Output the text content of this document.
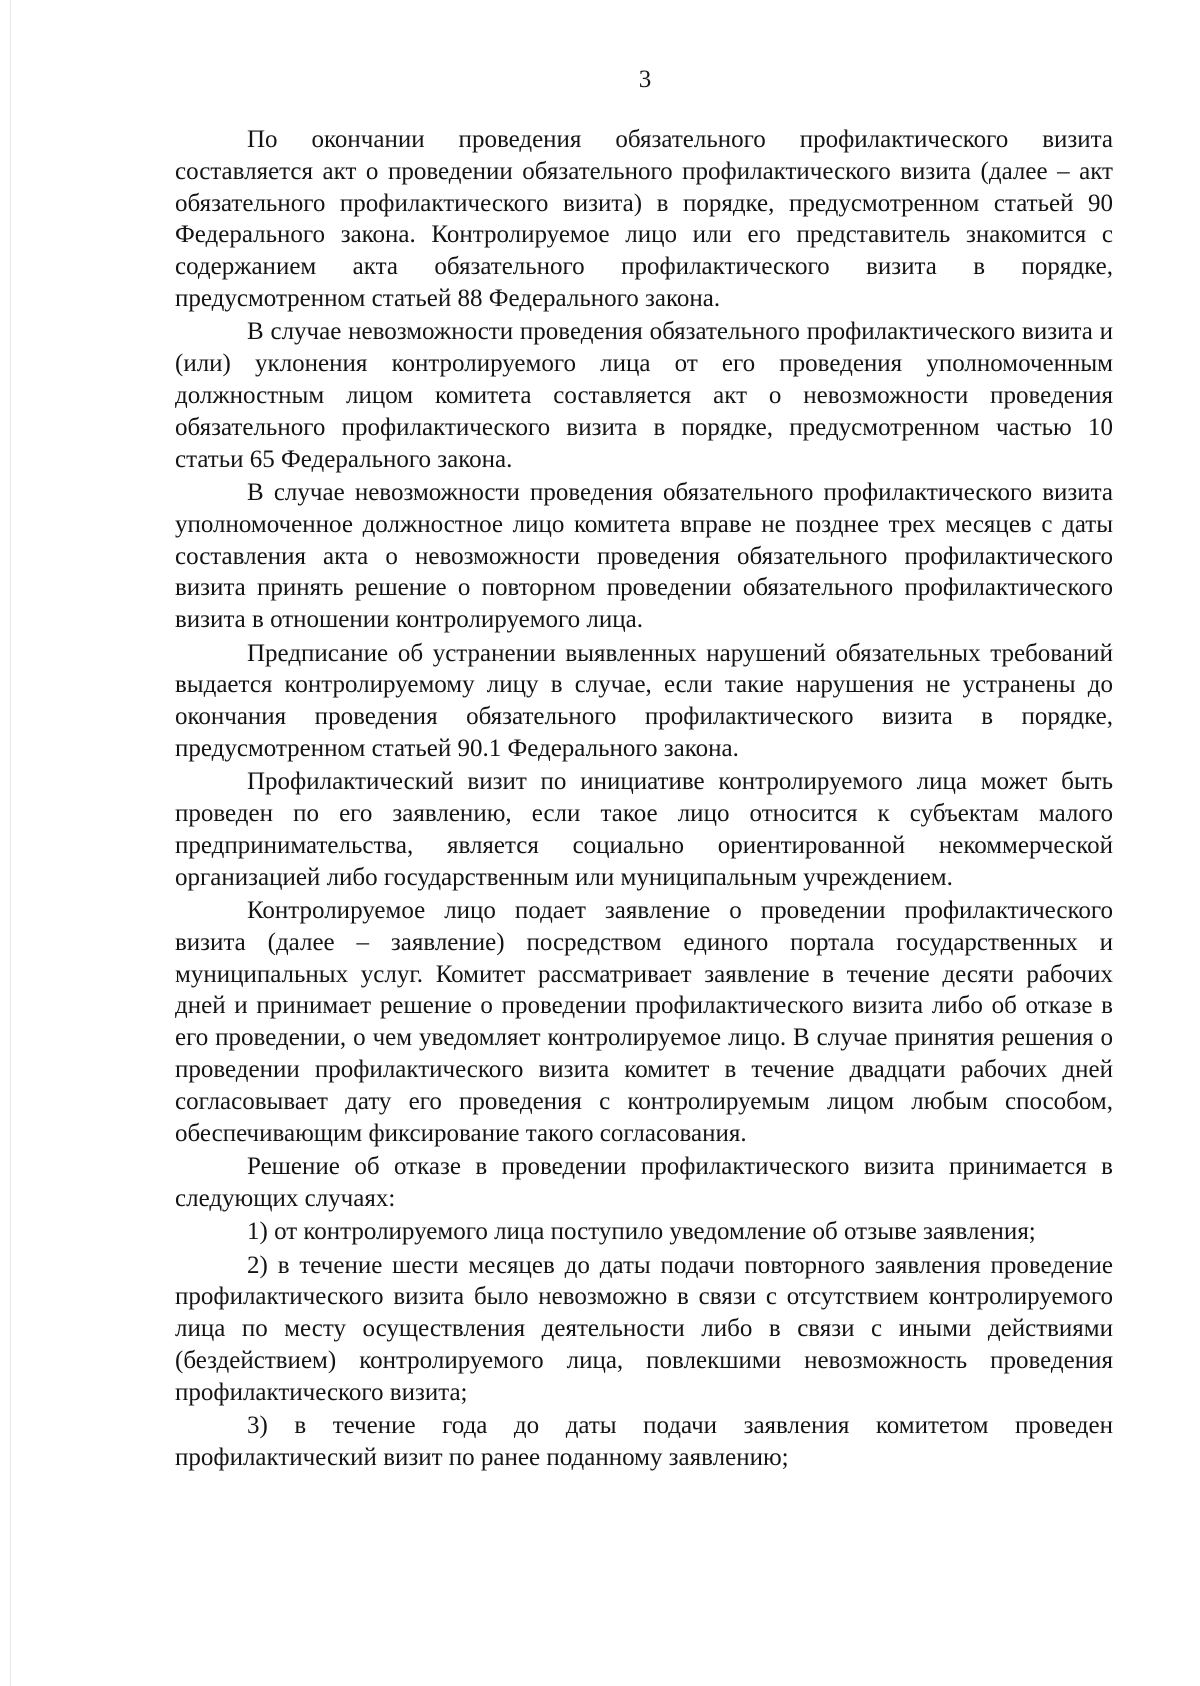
3

По окончании проведения обязательного профилактического визита составляется акт о проведении обязательного профилактического визита (далее – акт обязательного профилактического визита) в порядке, предусмотренном статьей 90 Федерального закона. Контролируемое лицо или его представитель знакомится с содержанием акта обязательного профилактического визита в порядке, предусмотренном статьей 88 Федерального закона.

В случае невозможности проведения обязательного профилактического визита и (или) уклонения контролируемого лица от его проведения уполномоченным должностным лицом комитета составляется акт о невозможности проведения обязательного профилактического визита в порядке, предусмотренном частью 10 статьи 65 Федерального закона.

В случае невозможности проведения обязательного профилактического визита уполномоченное должностное лицо комитета вправе не позднее трех месяцев с даты составления акта о невозможности проведения обязательного профилактического визита принять решение о повторном проведении обязательного профилактического визита в отношении контролируемого лица.

Предписание об устранении выявленных нарушений обязательных требований выдается контролируемому лицу в случае, если такие нарушения не устранены до окончания проведения обязательного профилактического визита в порядке, предусмотренном статьей 90.1 Федерального закона.

Профилактический визит по инициативе контролируемого лица может быть проведен по его заявлению, если такое лицо относится к субъектам малого предпринимательства, является социально ориентированной некоммерческой организацией либо государственным или муниципальным учреждением.

Контролируемое лицо подает заявление о проведении профилактического визита (далее – заявление) посредством единого портала государственных и муниципальных услуг. Комитет рассматривает заявление в течение десяти рабочих дней и принимает решение о проведении профилактического визита либо об отказе в его проведении, о чем уведомляет контролируемое лицо. В случае принятия решения о проведении профилактического визита комитет в течение двадцати рабочих дней согласовывает дату его проведения с контролируемым лицом любым способом, обеспечивающим фиксирование такого согласования.

Решение об отказе в проведении профилактического визита принимается в следующих случаях:

1) от контролируемого лица поступило уведомление об отзыве заявления;

2) в течение шести месяцев до даты подачи повторного заявления проведение профилактического визита было невозможно в связи с отсутствием контролируемого лица по месту осуществления деятельности либо в связи с иными действиями (бездействием) контролируемого лица, повлекшими невозможность проведения профилактического визита;

3) в течение года до даты подачи заявления комитетом проведен профилактический визит по ранее поданному заявлению;
